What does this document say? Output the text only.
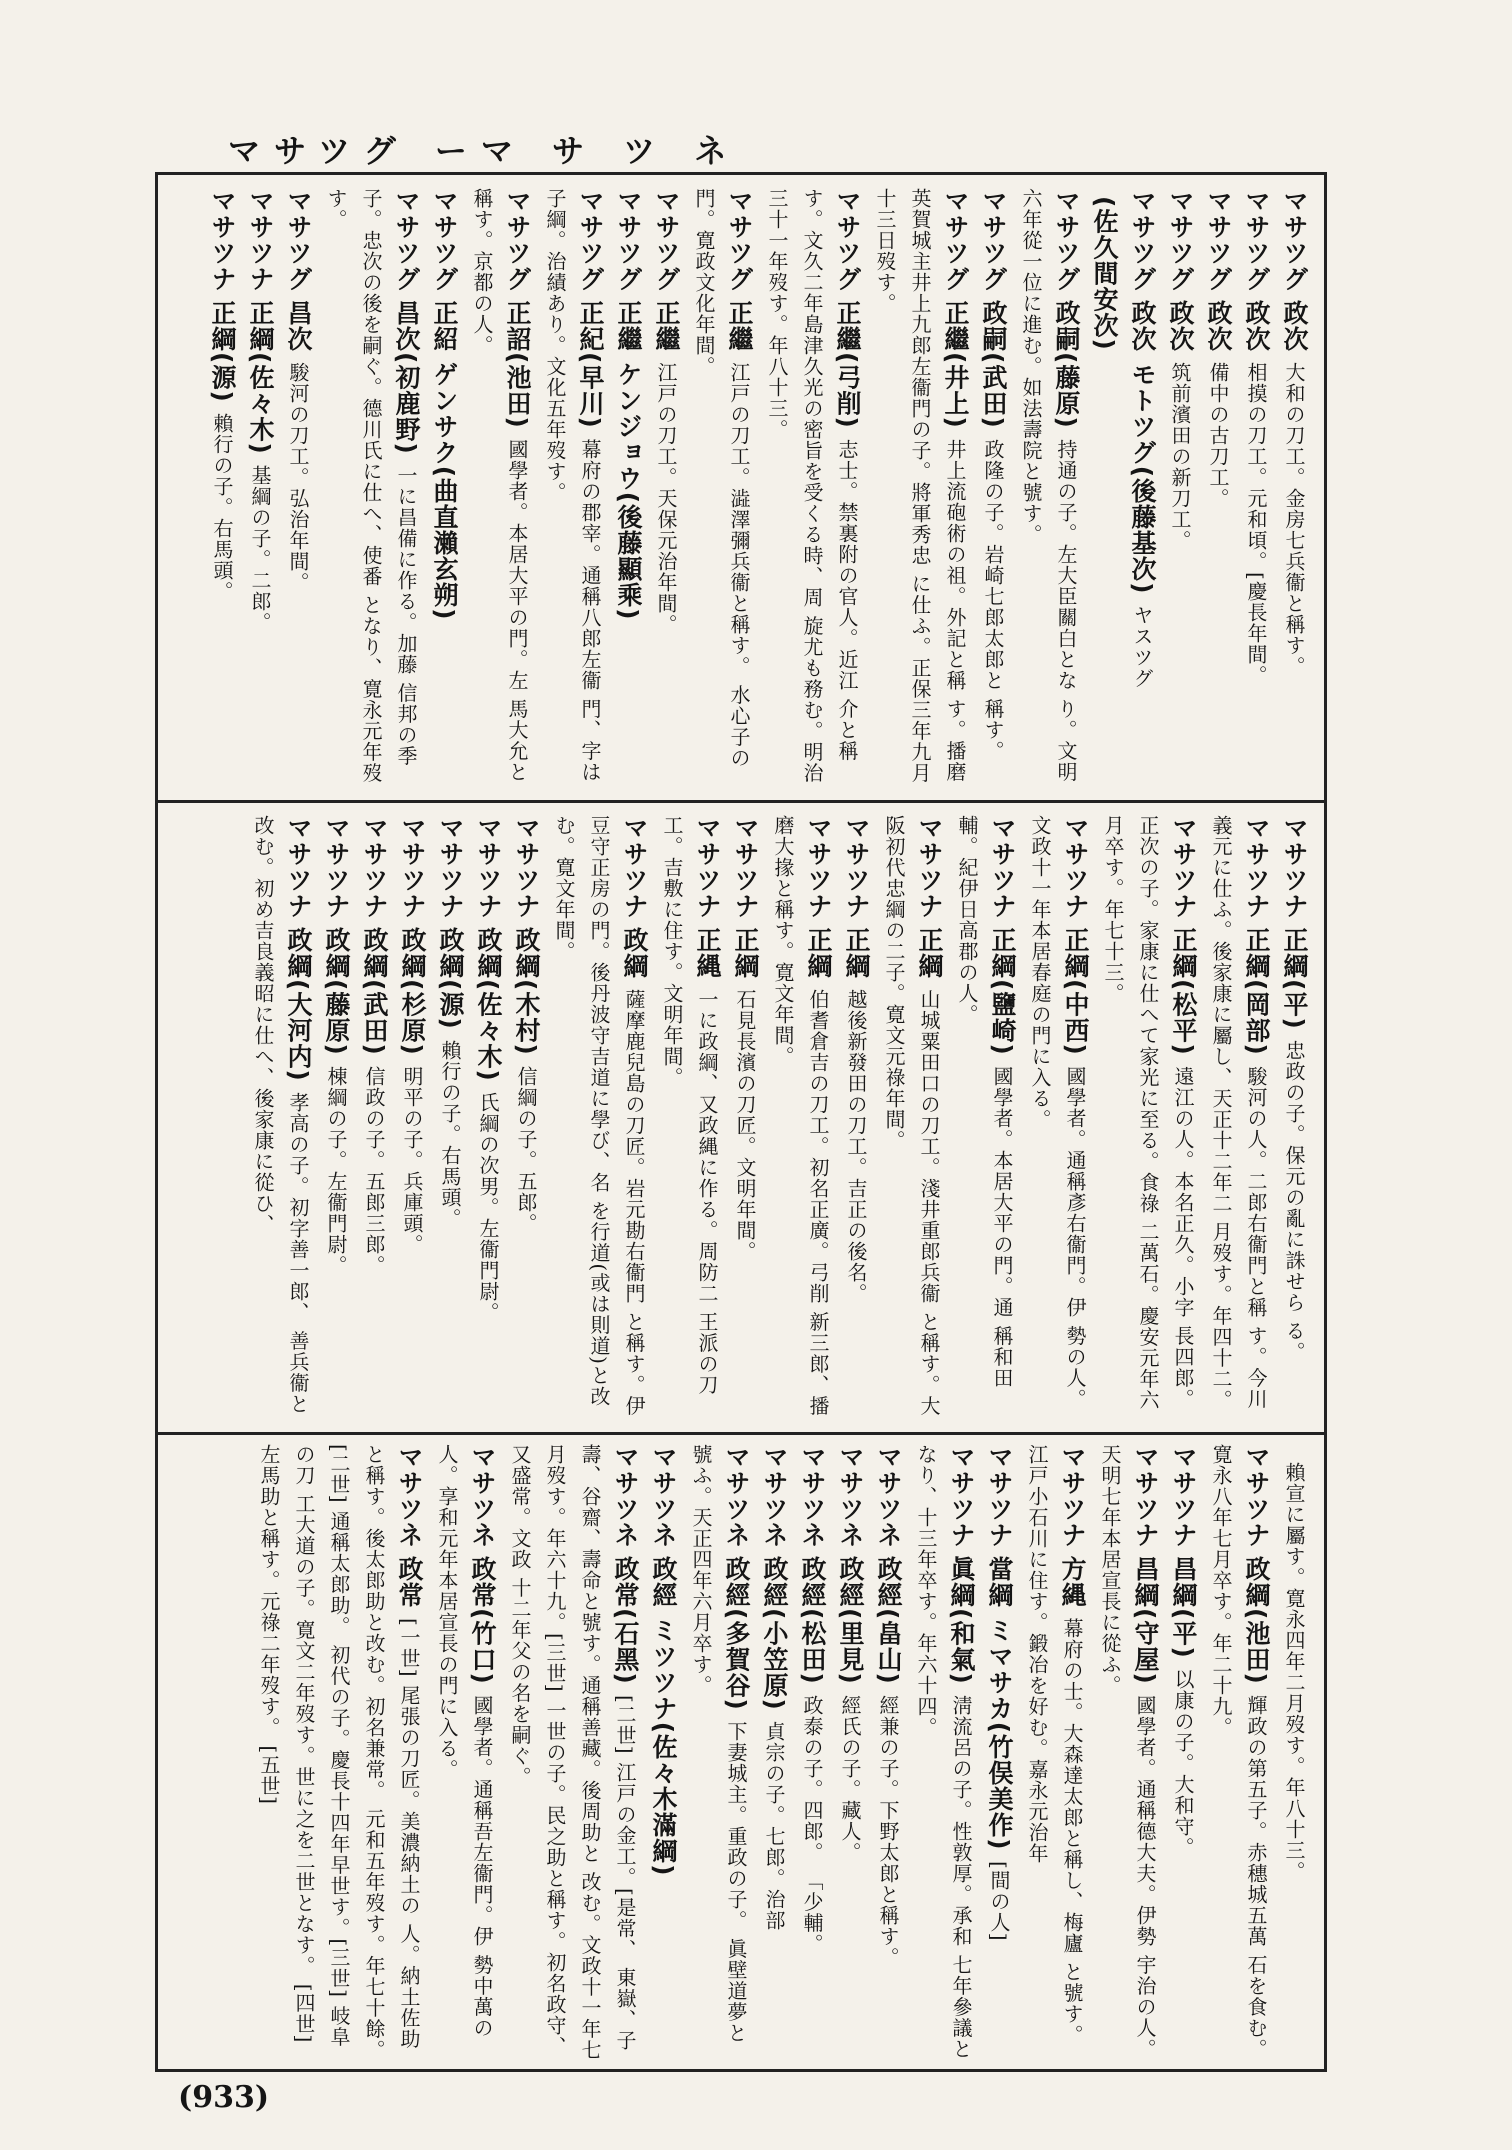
マサツグ ーマ サ ツ ネ
マサツグ政次大和の刀工。金房七兵衞と稱す。
マサツグ政次相摸の刀工。元和頃。[慶長年間。
マサツグ政次備中の古刀工。
マサツグ政次筑前濱田の新刀工。
マサツグ政次 モトツグ(後藤基次)ヤスツグ
(佐久間安次)
マサツグ政嗣(藤原)持通の子。左大臣關白とな り。文明六年從一位に進む。如法壽院と號す。
マサツグ政嗣(武田)政隆の子。岩崎七郎太郎と 稱す。
マサツグ正繼(井上)井上流砲術の祖。外記と稱 す。播磨英賀城主井上九郎左衞門の子。將軍秀忠 に仕ふ。正保三年九月十三日歿す。
マサツグ正繼(弓削)志士。禁裏附の官人。近江 介と稱す。文久二年島津久光の密旨を受くる時、周 旋尤も務む。明治三十一年歿す。年八十三。
マサツグ正繼江戸の刀工。澁澤彌兵衞と稱す。 水心子の門。寛政文化年間。
マサツグ正繼江戸の刀工。天保元治年間。
マサツグ正繼 ケンジョウ(後藤顯乘)
マサツグ正紀(早川)幕府の郡宰。通稱八郎左衞 門、字は子綱。治績あり。文化五年歿す。
マサツグ正詔(池田)國學者。本居大平の門。左 馬大允と稱す。京都の人。
マサツグ正紹 ゲンサク(曲直瀨玄朔)
マサツグ昌次(初鹿野)一に昌備に作る。加藤 信邦の季子。忠次の後を嗣ぐ。德川氏に仕へ、使番 となり、寛永元年歿す。
マサツグ昌次駿河の刀工。弘治年間。
マサツナ正綱(佐々木)基綱の子。二郎。
マサツナ正綱(源)賴行の子。右馬頭。
マサツナ正綱(平)忠政の子。保元の亂に誅せら る。
マサツナ正綱(岡部)駿河の人。二郎右衞門と稱 す。今川義元に仕ふ。後家康に屬し、天正十二年二 月歿す。年四十二。
マサツナ正綱(松平)遠江の人。本名正久。小字 長四郎。正次の子。家康に仕へて家光に至る。食祿 二萬石。慶安元年六月卒す。年七十三。
マサツナ正綱(中西)國學者。通稱彥右衞門。伊 勢の人。文政十一年本居春庭の門に入る。
マサツナ正綱(鹽崎)國學者。本居大平の門。通 稱和田輔。紀伊日高郡の人。
マサツナ正綱山城粟田口の刀工。淺井重郎兵衞 と稱す。大阪初代忠綱の二子。寛文元祿年間。
マサツナ正綱越後新發田の刀工。吉正の後名。
マサツナ正綱伯耆倉吉の刀工。初名正廣。弓削 新三郎、播磨大掾と稱す。寛文年間。
マサツナ正綱石見長濱の刀匠。文明年間。
マサツナ正縄一に政綱、又政縄に作る。周防二 王派の刀工。吉敷に住す。文明年間。
マサツナ政綱薩摩鹿兒島の刀匠。岩元勘右衞門 と稱す。伊豆守正房の門。後丹波守吉道に學び、名 を行道(或は則道)と改む。寛文年間。
マサツナ政綱(木村)信綱の子。五郎。
マサツナ政綱(佐々木)氏綱の次男。左衞門尉。
マサツナ政綱(源)賴行の子。右馬頭。
マサツナ政綱(杉原)明平の子。兵庫頭。
マサツナ政綱(武田)信政の子。五郎三郎。
マサツナ政綱(藤原)棟綱の子。左衞門尉。
マサツナ政綱(大河内)孝高の子。初字善一郎、 善兵衞と改む。初め吉良義昭に仕へ、後家康に從ひ、
賴宣に屬す。寛永四年二月歿す。年八十三。
マサツナ政綱(池田)輝政の第五子。赤穗城五萬 石を食む。寛永八年七月卒す。年二十九。
マサツナ昌綱(平)以康の子。大和守。
マサツナ昌綱(守屋)國學者。通稱德大夫。伊勢 宇治の人。天明七年本居宣長に從ふ。
マサツナ方縄幕府の士。大森達太郎と稱し、梅廬 と號す。江戸小石川に住す。鍛冶を好む。嘉永元治年
マサツナ當綱 ミマサカ(竹俣美作)[間の人]
マサツナ眞綱(和氣)淸流呂の子。性敦厚。承和 七年參議となり、十三年卒す。年六十四。
マサツネ政經(畠山)經兼の子。下野太郎と稱す。
マサツネ政經(里見)經氏の子。藏人。
マサツネ政經(松田)政泰の子。四郎。 「少輔。
マサツネ政經(小笠原)貞宗の子。七郎。治部
マサツネ政經(多賀谷)下妻城主。重政の子。 眞壁道夢と號ふ。天正四年六月卒す。
マサツネ政經 ミツツナ(佐々木滿綱)
マサツネ政常(石黑)[二世] 江戸の金工。[是常、 東嶽、子壽、谷齋、壽命と號す。通稱善藏。後周助と 改む。文政十一年七月歿す。年六十九。[三世] 一世の子。民之助と稱す。初名政守、又盛常。文政 十二年父の名を嗣ぐ。
マサツネ政常(竹口)國學者。通稱吾左衞門。伊 勢中萬の人。享和元年本居宣長の門に入る。
マサツネ政常[一世] 尾張の刀匠。美濃納土の 人。納土佐助と稱す。後太郎助と改む。初名兼常。 元和五年歿す。年七十餘。[二世] 通稱太郎助。 初代の子。慶長十四年早世す。[三世] 岐阜の刀 工大道の子。寛文二年歿す。世に之を二世となす。 [四世] 左馬助と稱す。元祿二年歿す。 [五世]
(933)
